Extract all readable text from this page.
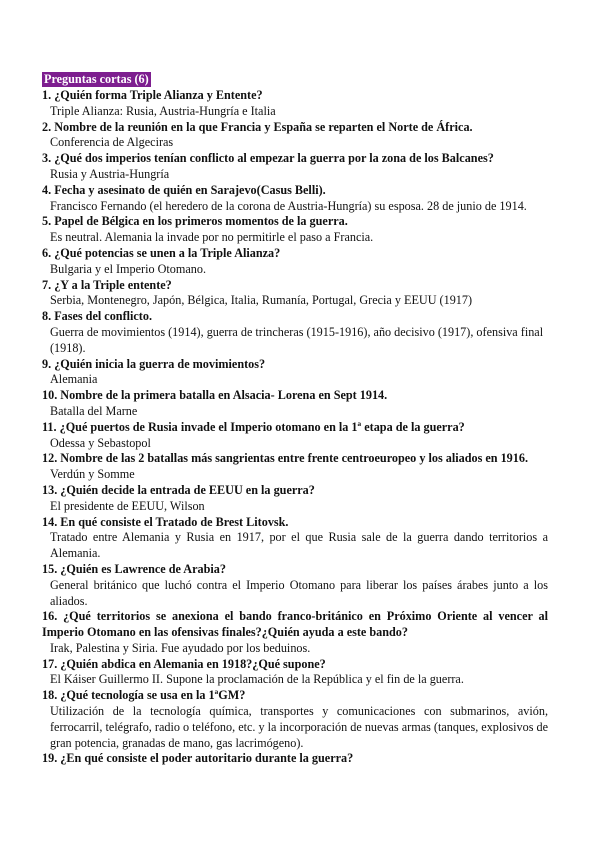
Preguntas cortas (6)
1. ¿Quién forma Triple Alianza y Entente?
Triple Alianza: Rusia, Austria-Hungría e Italia
2. Nombre de la reunión en la que Francia y España se reparten el Norte de África.
Conferencia de Algeciras
3. ¿Qué dos imperios tenían conflicto al empezar la guerra por la zona de los Balcanes?
Rusia y Austria-Hungría
4. Fecha y asesinato de quién en Sarajevo(Casus Belli).
Francisco Fernando (el heredero de la corona de Austria-Hungría) su esposa. 28 de junio de 1914.
5. Papel de Bélgica en los primeros momentos de la guerra.
Es neutral. Alemania la invade por no permitirle el paso a Francia.
6. ¿Qué potencias se unen a la Triple Alianza?
Bulgaria y el Imperio Otomano.
7. ¿Y a la Triple entente?
Serbia, Montenegro, Japón, Bélgica, Italia, Rumanía, Portugal, Grecia y EEUU (1917)
8. Fases del conflicto.
Guerra de movimientos (1914), guerra de trincheras (1915-1916), año decisivo (1917), ofensiva final (1918).
9. ¿Quién inicia la guerra de movimientos?
Alemania
10. Nombre de la primera batalla en Alsacia- Lorena en Sept 1914.
Batalla del Marne
11. ¿Qué puertos de Rusia invade el Imperio otomano en la 1ª etapa de la guerra?
Odessa y Sebastopol
12. Nombre de las 2 batallas más sangrientas entre frente centroeuropeo y los aliados en 1916.
Verdún y Somme
13. ¿Quién decide la entrada de EEUU en la guerra?
El presidente de EEUU, Wilson
14. En qué consiste el Tratado de Brest Litovsk.
Tratado entre Alemania y Rusia en 1917, por el que Rusia sale de la guerra dando territorios a Alemania.
15. ¿Quién es Lawrence de Arabia?
General británico que luchó contra el Imperio Otomano para liberar los países árabes junto a los aliados.
16. ¿Qué territorios se anexiona el bando franco-británico en Próximo Oriente al vencer al Imperio Otomano en las ofensivas finales?¿Quién ayuda a este bando?
Irak, Palestina y Siria. Fue ayudado por los beduinos.
17. ¿Quién abdica en Alemania en 1918?¿Qué supone?
El Káiser Guillermo II. Supone la proclamación de la República y el fin de la guerra.
18. ¿Qué tecnología se usa en la 1ªGM?
Utilización de la tecnología química, transportes y comunicaciones con submarinos, avión, ferrocarril, telégrafo, radio o teléfono, etc. y la incorporación de nuevas armas (tanques, explosivos de gran potencia, granadas de mano, gas lacrimógeno).
19. ¿En qué consiste el poder autoritario durante la guerra?
